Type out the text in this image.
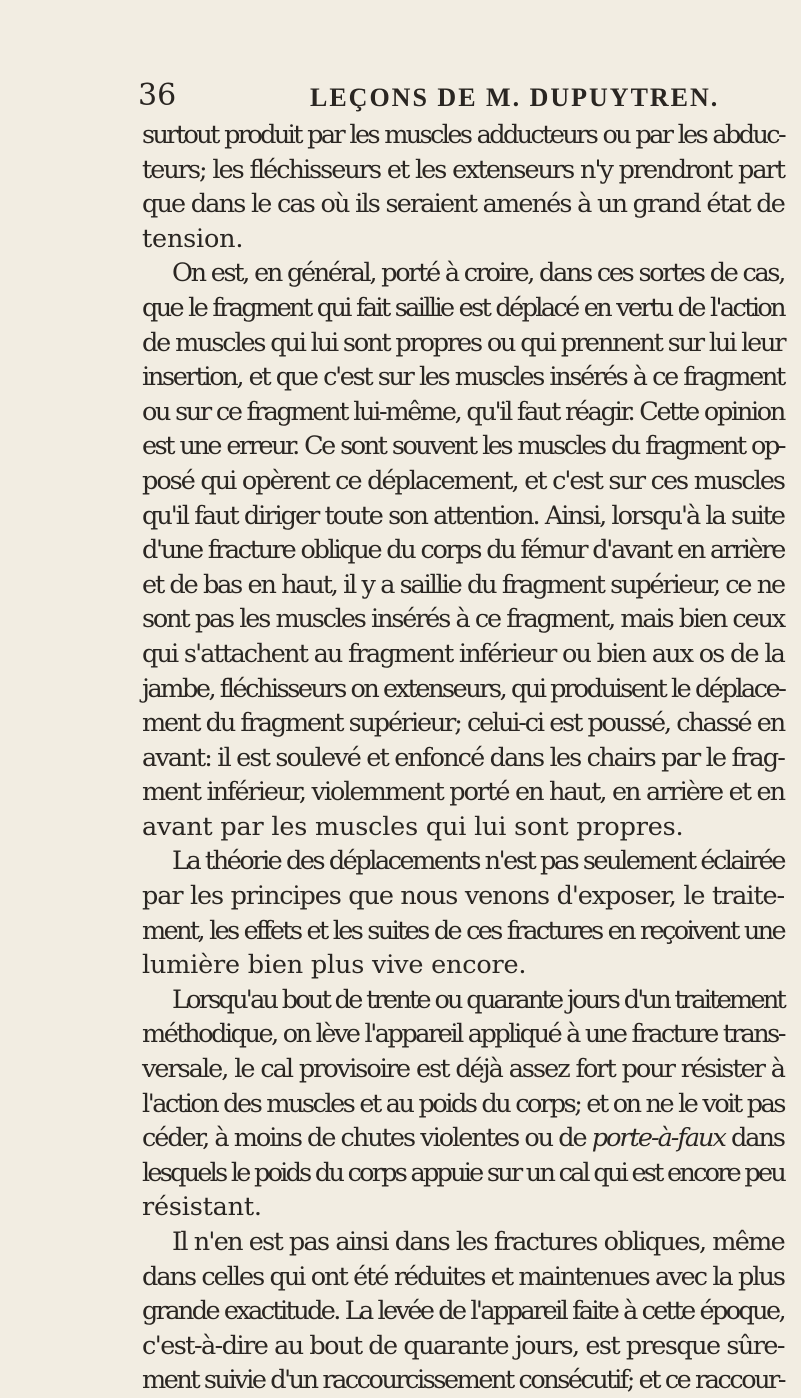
36	LEÇONS DE M. DUPUYTREN.
surtout produit par les muscles adducteurs ou par les abduc-
teurs; les fléchisseurs et les extenseurs n'y prendront part
que dans le cas où ils seraient amenés à un grand état de
tension.
On est, en général, porté à croire, dans ces sortes de cas,
que le fragment qui fait saillie est déplacé en vertu de l'action
de muscles qui lui sont propres ou qui prennent sur lui leur
insertion, et que c'est sur les muscles insérés à ce fragment
ou sur ce fragment lui-même, qu'il faut réagir. Cette opinion
est une erreur. Ce sont souvent les muscles du fragment op-
posé qui opèrent ce déplacement, et c'est sur ces muscles
qu'il faut diriger toute son attention. Ainsi, lorsqu'à la suite
d'une fracture oblique du corps du fémur d'avant en arrière
et de bas en haut, il y a saillie du fragment supérieur, ce ne
sont pas les muscles insérés à ce fragment, mais bien ceux
qui s'attachent au fragment inférieur ou bien aux os de la
jambe, fléchisseurs on extenseurs, qui produisent le déplace-
ment du fragment supérieur; celui-ci est poussé, chassé en
avant: il est soulevé et enfoncé dans les chairs par le frag-
ment inférieur, violemment porté en haut, en arrière et en
avant par les muscles qui lui sont propres.
La théorie des déplacements n'est pas seulement éclairée
par les principes que nous venons d'exposer, le traite-
ment, les effets et les suites de ces fractures en reçoivent une
lumière bien plus vive encore.
Lorsqu'au bout de trente ou quarante jours d'un traitement
méthodique, on lève l'appareil appliqué à une fracture trans-
versale, le cal provisoire est déjà assez fort pour résister à
l'action des muscles et au poids du corps; et on ne le voit pas
céder, à moins de chutes violentes ou de porte-à-faux dans
lesquels le poids du corps appuie sur un cal qui est encore peu
résistant.
Il n'en est pas ainsi dans les fractures obliques, même
dans celles qui ont été réduites et maintenues avec la plus
grande exactitude. La levée de l'appareil faite à cette époque,
c'est-à-dire au bout de quarante jours, est presque sûre-
ment suivie d'un raccourcissement consécutif; et ce raccour-
